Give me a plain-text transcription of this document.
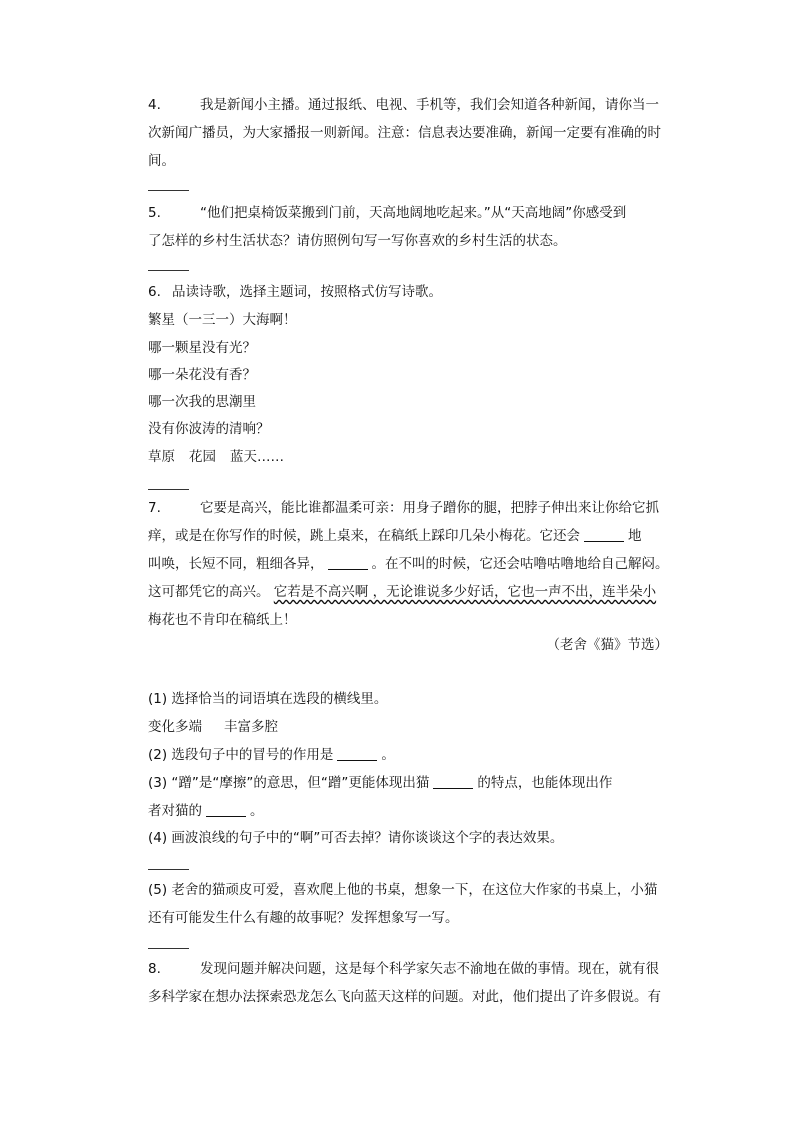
4.	我是新闻小主播。通过报纸、电视、手机等，我们会知道各种新闻，请你当一
次新闻广播员，为大家播报一则新闻。注意：信息表达要准确，新闻一定要有准确的时
间。
5.	“他们把桌椅饭菜搬到门前，天高地阔地吃起来。”从“天高地阔”你感受到
了怎样的乡村生活状态？请仿照例句写一写你喜欢的乡村生活的状态。
6. 品读诗歌，选择主题词，按照格式仿写诗歌。
繁星（一三一）大海啊！
哪一颗星没有光？
哪一朵花没有香？
哪一次我的思潮里
没有你波涛的清响？
草原 花园 蓝天……
7.	它要是高兴，能比谁都温柔可亲：用身子蹭你的腿，把脖子伸出来让你给它抓
痒，或是在你写作的时候，跳上桌来，在稿纸上踩印几朵小梅花。它还会	地
叫唤，长短不同，粗细各异，	。在不叫的时候，它还会咕噜咕噜地给自己解闷。
这可都凭它的高兴。 它若是不高兴啊 ，无论谁说多少好话，它也一声不出，连半朵小
梅花也不肯印在稿纸上！
（老舍《猫》节选）
(1) 选择恰当的词语填在选段的横线里。
变化多端 丰富多腔
(2) 选段句子中的冒号的作用是	。
(3) “蹭”是“摩擦”的意思，但“蹭”更能体现出猫	的特点，也能体现出作
者对猫的	。
(4) 画波浪线的句子中的“啊”可否去掉？请你谈谈这个字的表达效果。
(5) 老舍的猫顽皮可爱，喜欢爬上他的书桌，想象一下，在这位大作家的书桌上，小猫
还有可能发生什么有趣的故事呢？发挥想象写一写。
8.	发现问题并解决问题，这是每个科学家矢志不渝地在做的事情。现在，就有很
多科学家在想办法探索恐龙怎么飞向蓝天这样的问题。对此，他们提出了许多假说。有
